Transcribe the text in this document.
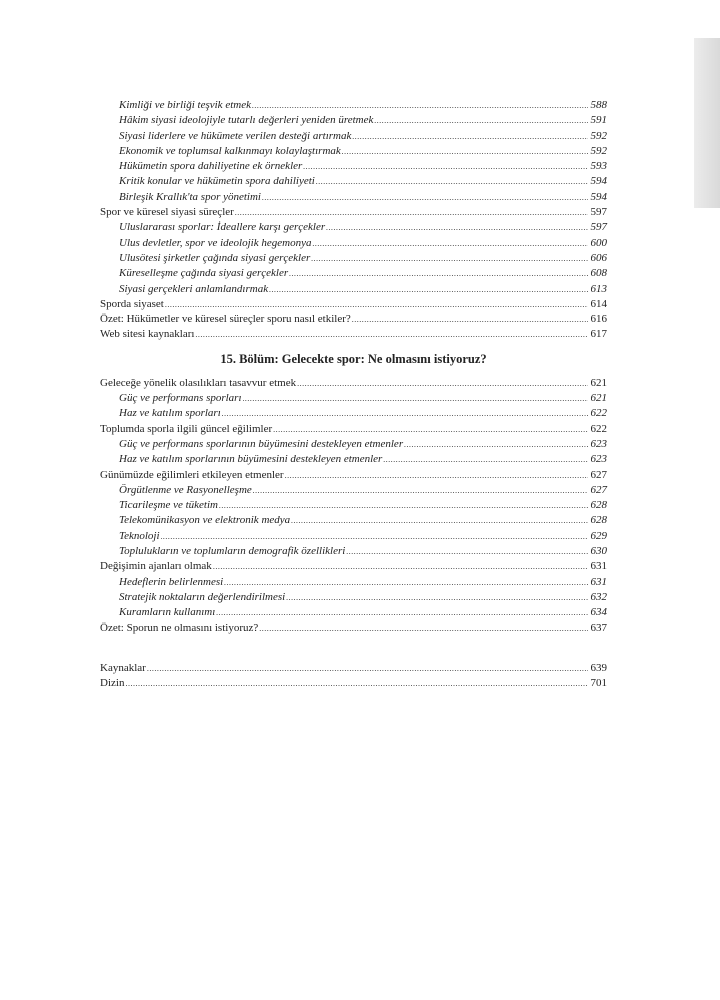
Kimliği ve birliği teşvik etmek .....	588
Hâkim siyasi ideolojiyle tutarlı değerleri yeniden üretmek .....	591
Siyasi liderlere ve hükümete verilen desteği artırmak .....	592
Ekonomik ve toplumsal kalkınmayı kolaylaştırmak .....	592
Hükümetin spora dahiliyetine ek örnekler .....	593
Kritik konular ve hükümetin spora dahiliyeti .....	594
Birleşik Krallık'ta spor yönetimi .....	594
Spor ve küresel siyasi süreçler .....	597
Uluslararası sporlar: İdeallere karşı gerçekler .....	597
Ulus devletler, spor ve ideolojik hegemonya .....	600
Ulusötesi şirketler çağında siyasi gerçekler .....	606
Küreselleşme çağında siyasi gerçekler .....	608
Siyasi gerçekleri anlamlandırmak .....	613
Sporda siyaset .....	614
Özet: Hükümetler ve küresel süreçler sporu nasıl etkiler? .....	616
Web sitesi kaynakları .....	617
15. Bölüm: Gelecekte spor: Ne olmasını istiyoruz?
Geleceğe yönelik olasılıkları tasavvur etmek .....	621
Güç ve performans sporları .....	621
Haz ve katılım sporları .....	622
Toplumda sporla ilgili güncel eğilimler .....	622
Güç ve performans sporlarının büyümesini destekleyen etmenler .....	623
Haz ve katılım sporlarının büyümesini destekleyen etmenler .....	623
Günümüzde eğilimleri etkileyen etmenler .....	627
Örgütlenme ve Rasyonelleşme .....	627
Ticarileşme ve tüketim .....	628
Telekomünikasyon ve elektronik medya .....	628
Teknoloji .....	629
Toplulukların ve toplumların demografik özellikleri .....	630
Değişimin ajanları olmak .....	631
Hedeflerin belirlenmesi .....	631
Stratejik noktaların değerlendirilmesi .....	632
Kuramların kullanımı .....	634
Özet: Sporun ne olmasını istiyoruz? .....	637
Kaynaklar .....	639
Dizin .....	701
